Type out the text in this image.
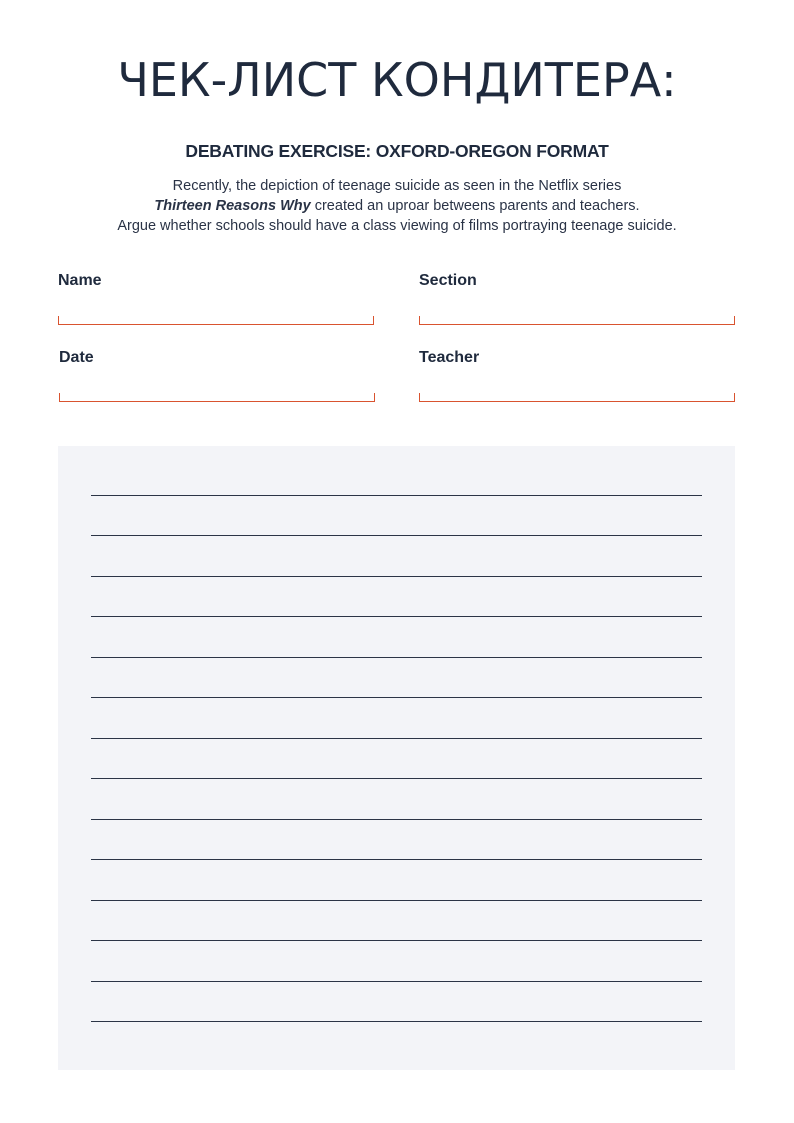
ЧЕК-ЛИСТ КОНДИТЕРА:
DEBATING EXERCISE: OXFORD-OREGON FORMAT

Recently, the depiction of teenage suicide as seen in the Netflix series
Thirteen Reasons Why created an uproar betweens parents and teachers.
Argue whether schools should have a class viewing of films portraying teenage suicide.

Name	Section
Date	Teacher
